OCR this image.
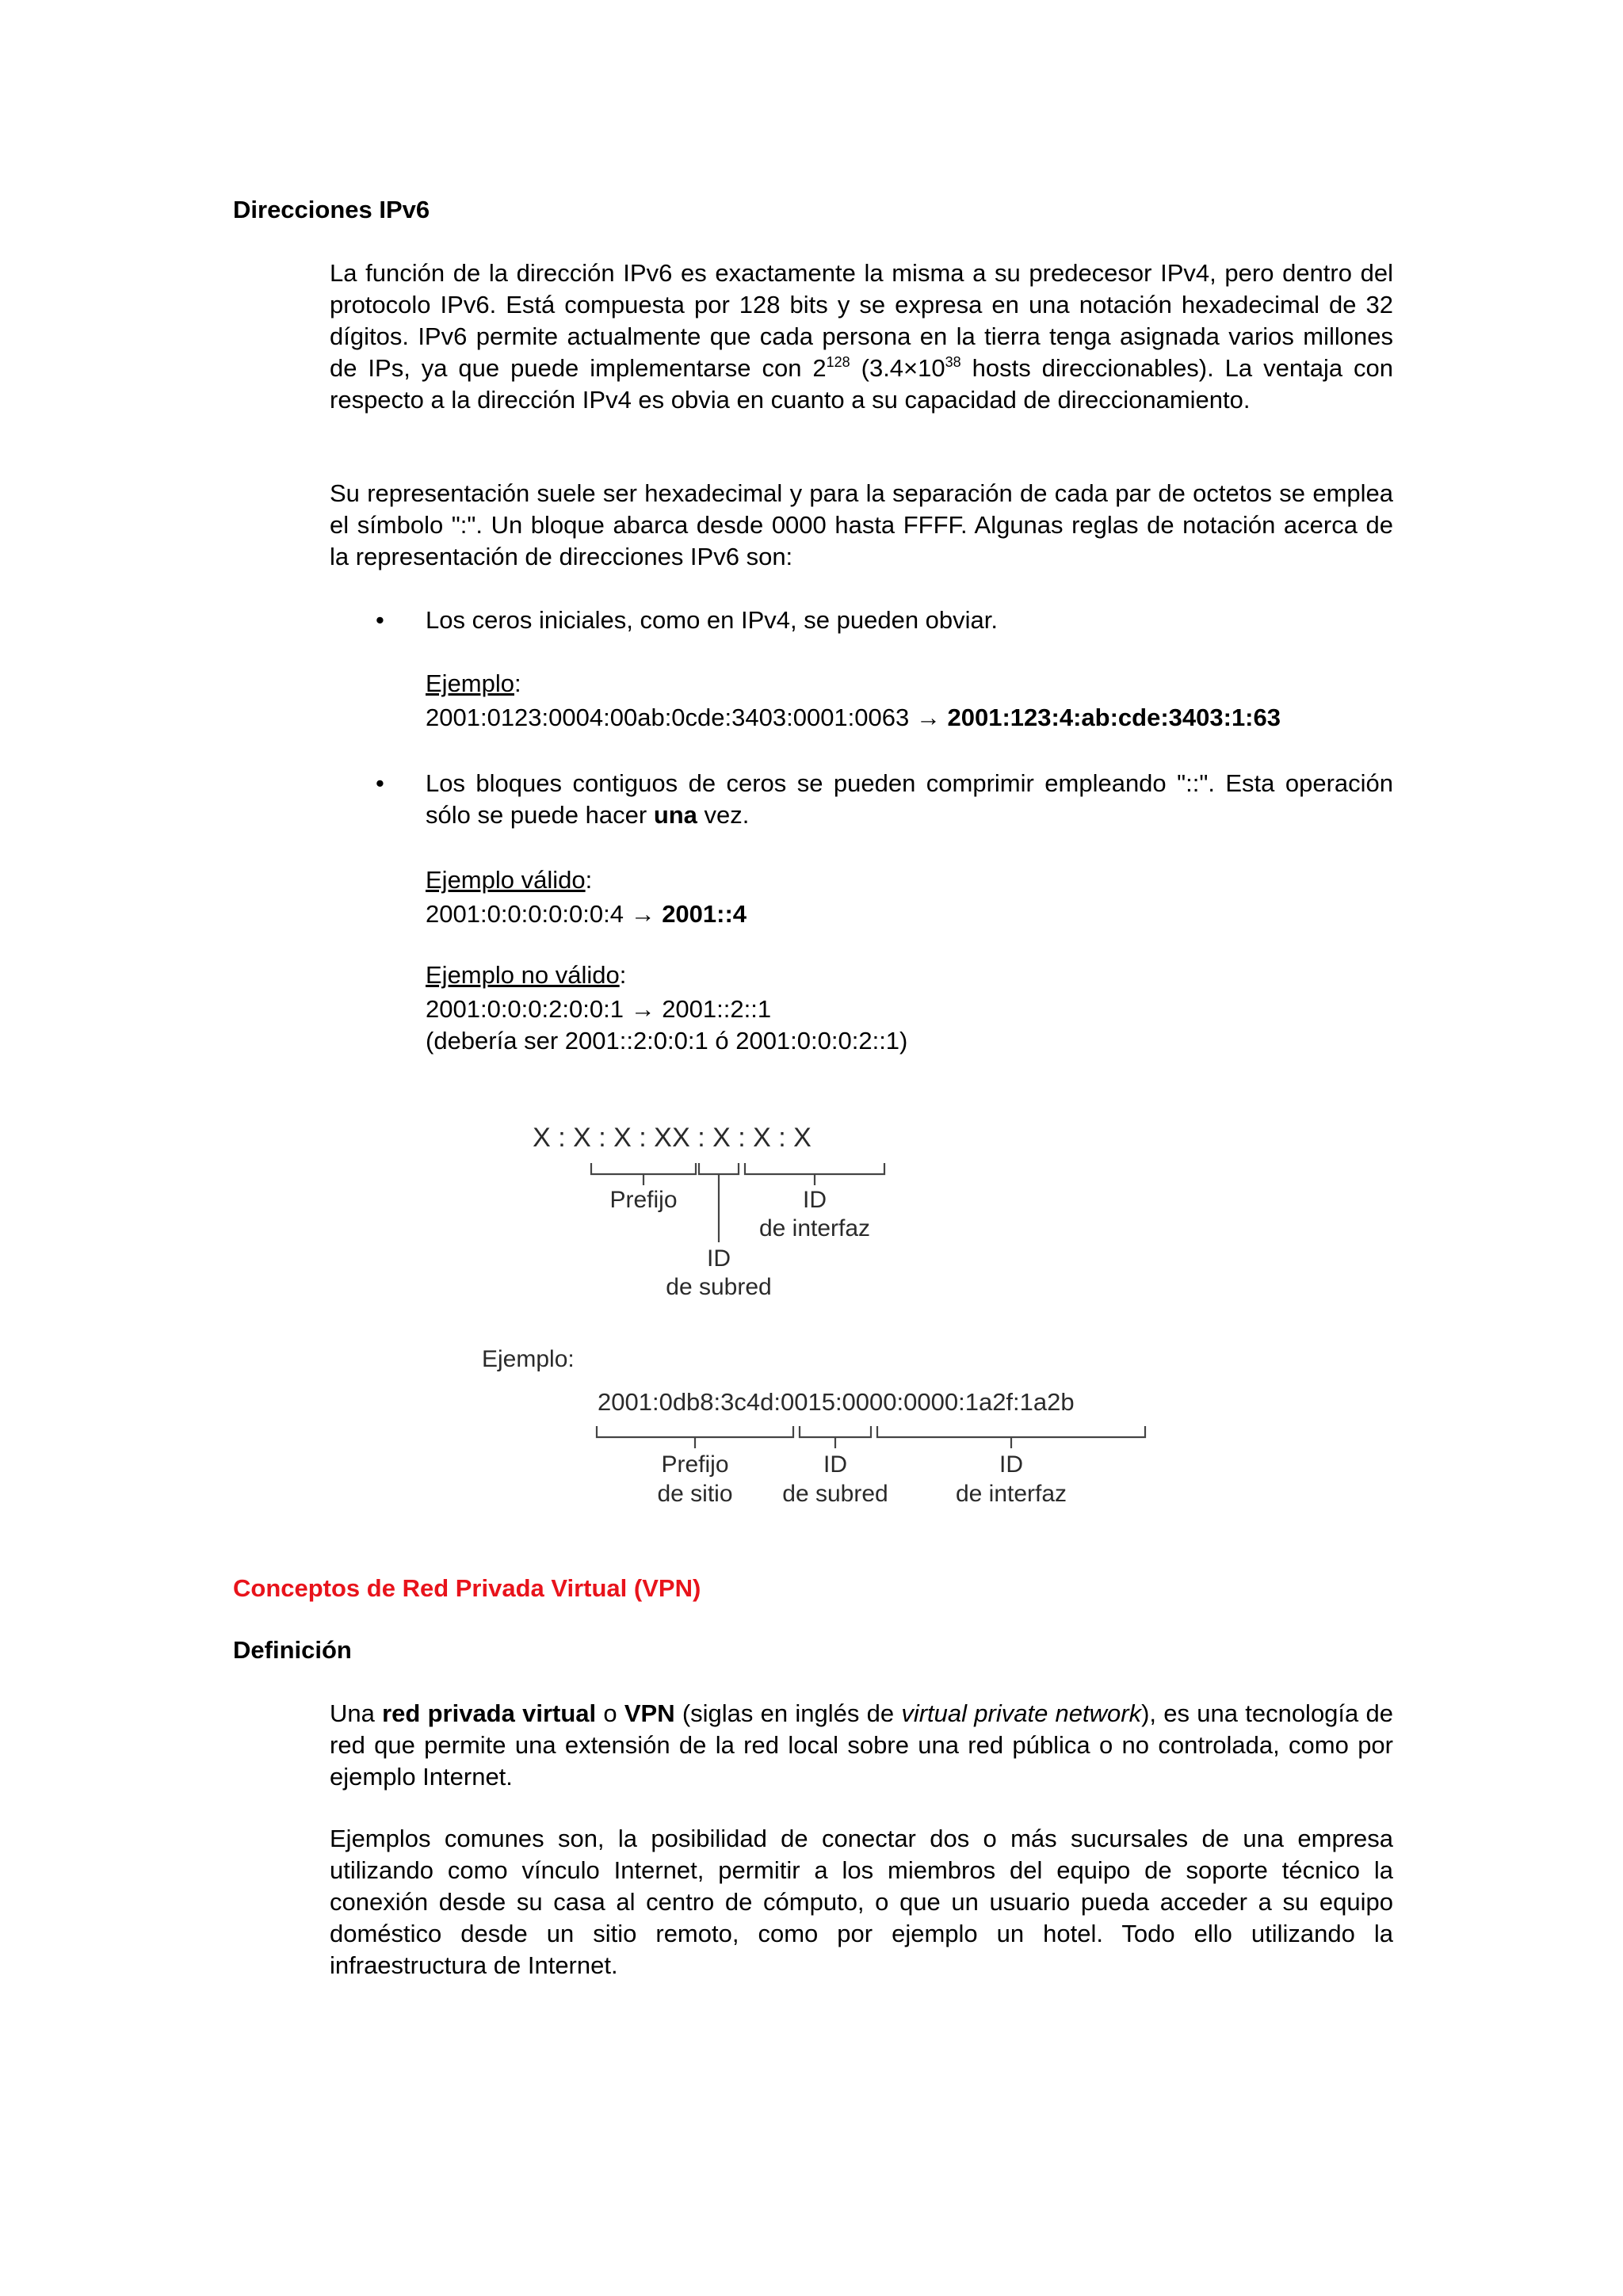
Direcciones IPv6

La función de la dirección IPv6 es exactamente la misma a su predecesor IPv4, pero dentro del protocolo IPv6. Está compuesta por 128 bits y se expresa en una notación hexadecimal de 32 dígitos. IPv6 permite actualmente que cada persona en la tierra tenga asignada varios millones de IPs, ya que puede implementarse con $2^{128}$ ($3.4\times 10^{38}$ hosts direccionables). La ventaja con respecto a la dirección IPv4 es obvia en cuanto a su capacidad de direccionamiento.

Su representación suele ser hexadecimal y para la separación de cada par de octetos se emplea el símbolo ":". Un bloque abarca desde 0000 hasta FFFF. Algunas reglas de notación acerca de la representación de direcciones IPv6 son:

• Los ceros iniciales, como en IPv4, se pueden obviar.

Ejemplo:

2001:0123:0004:00ab:0cde:3403:0001:0063 → 2001:123:4:ab:cde:3403:1:63

• Los bloques contiguos de ceros se pueden comprimir empleando "::". Esta operación sólo se puede hacer una vez.

Ejemplo válido:

2001:0:0:0:0:0:0:4 → 2001::4

Ejemplo no válido:

2001:0:0:0:2:0:0:1 → 2001::2::1

(debería ser 2001::2:0:0:1 ó 2001:0:0:0:2::1)

X : X : X : X X : X : X : X
Prefijo	ID
de interfaz
ID
de subred
Ejemplo:
2001:0db8:3c4d:0015:0000:0000:1a2f:1a2b
Prefijo
de sitio
ID
de subred
ID
de interfaz
Conceptos de Red Privada Virtual (VPN)
Definición

Una red privada virtual o VPN (siglas en inglés de virtual private network), es una tecnología de red que permite una extensión de la red local sobre una red pública o no controlada, como por ejemplo Internet.

Ejemplos comunes son, la posibilidad de conectar dos o más sucursales de una empresa utilizando como vínculo Internet, permitir a los miembros del equipo de soporte técnico la conexión desde su casa al centro de cómputo, o que un usuario pueda acceder a su equipo doméstico desde un sitio remoto, como por ejemplo un hotel. Todo ello utilizando la infraestructura de Internet.
